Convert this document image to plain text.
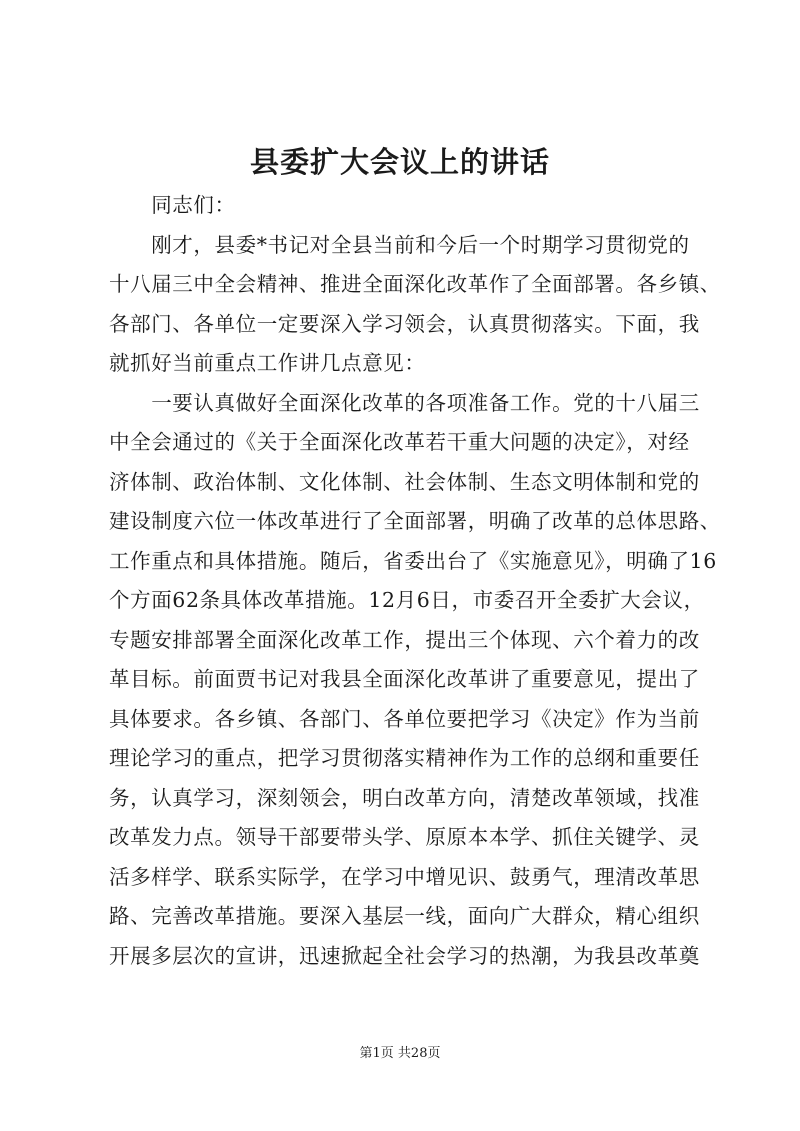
县委扩大会议上的讲话
　　同志们：
　　刚才，县委*书记对全县当前和今后一个时期学习贯彻党的
十八届三中全会精神、推进全面深化改革作了全面部署。各乡镇、
各部门、各单位一定要深入学习领会，认真贯彻落实。下面，我
就抓好当前重点工作讲几点意见：
　　一要认真做好全面深化改革的各项准备工作。党的十八届三
中全会通过的《关于全面深化改革若干重大问题的决定》，对经
济体制、政治体制、文化体制、社会体制、生态文明体制和党的
建设制度六位一体改革进行了全面部署，明确了改革的总体思路、
工作重点和具体措施。随后，省委出台了《实施意见》，明确了16
个方面62条具体改革措施。12月6日，市委召开全委扩大会议，
专题安排部署全面深化改革工作，提出三个体现、六个着力的改
革目标。前面贾书记对我县全面深化改革讲了重要意见，提出了
具体要求。各乡镇、各部门、各单位要把学习《决定》作为当前
理论学习的重点，把学习贯彻落实精神作为工作的总纲和重要任
务，认真学习，深刻领会，明白改革方向，清楚改革领域，找准
改革发力点。领导干部要带头学、原原本本学、抓住关键学、灵
活多样学、联系实际学，在学习中增见识、鼓勇气，理清改革思
路、完善改革措施。要深入基层一线，面向广大群众，精心组织
开展多层次的宣讲，迅速掀起全社会学习的热潮，为我县改革奠
第1页 共28页
